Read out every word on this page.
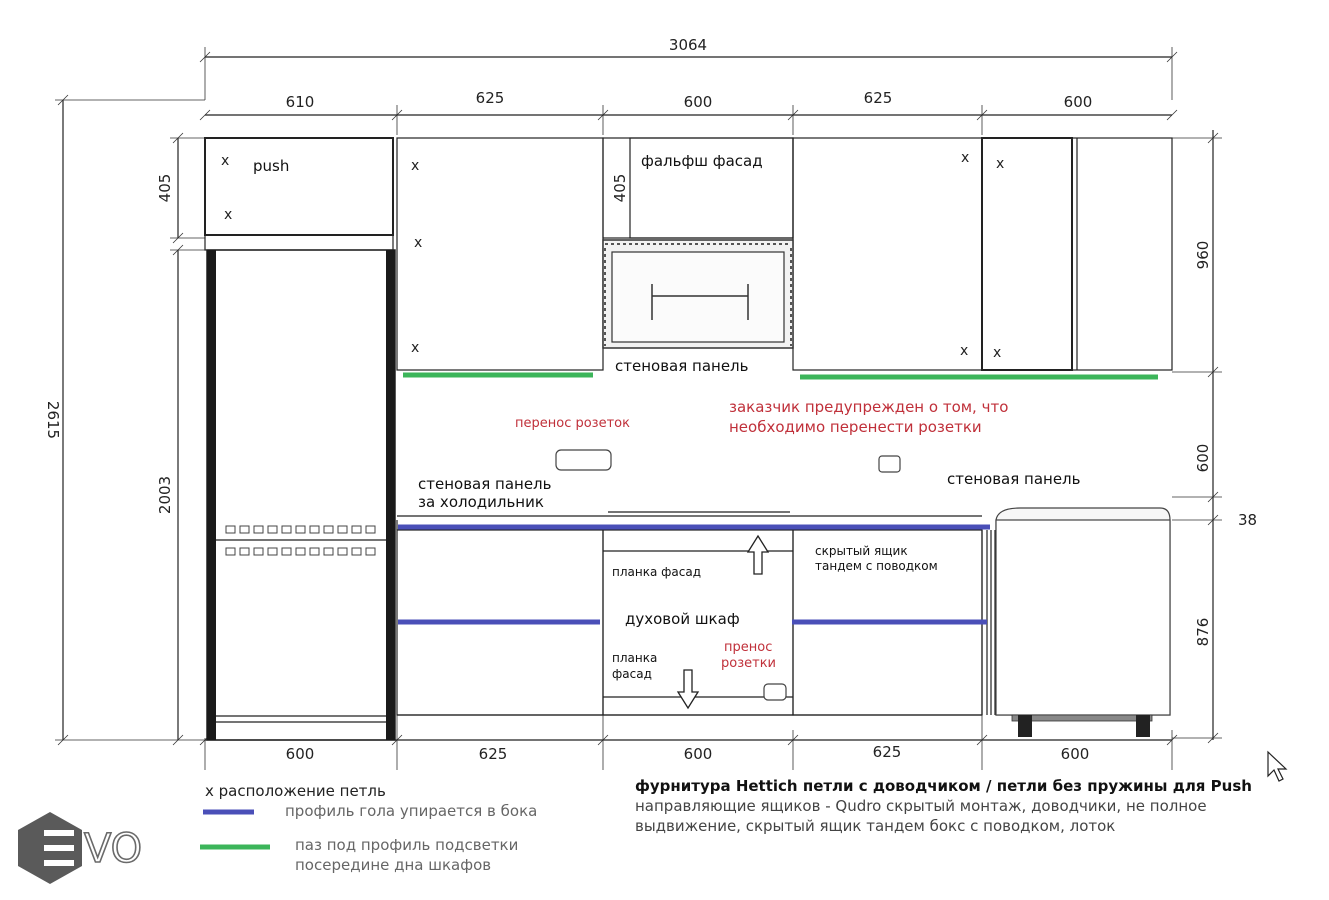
3064
610	625	600	625	600
600	625	600	625	600
2615
2003
405	405
960
600
38
876
x
x
x
x
x
x x
x x
push	фальфш фасад
стеновая панель
перенос розеток
заказчик предупрежден о том, что
необходимо перенести розетки
стеновая панель
за холодильник
стеновая панель
скрытый ящик
тандем с поводком
планка фасад
духовой шкаф
планка
фасад
пренос
розетки
х расположение петль
профиль гола упирается в бока
паз под профиль подсветки
посередине дна шкафов
фурнитура Hettich петли с доводчиком / петли без пружины для Push
направляющие ящиков - Qudro скрытый монтаж, доводчики, не полное
выдвижение, скрытый ящик тандем бокс с поводком, лоток
VO
